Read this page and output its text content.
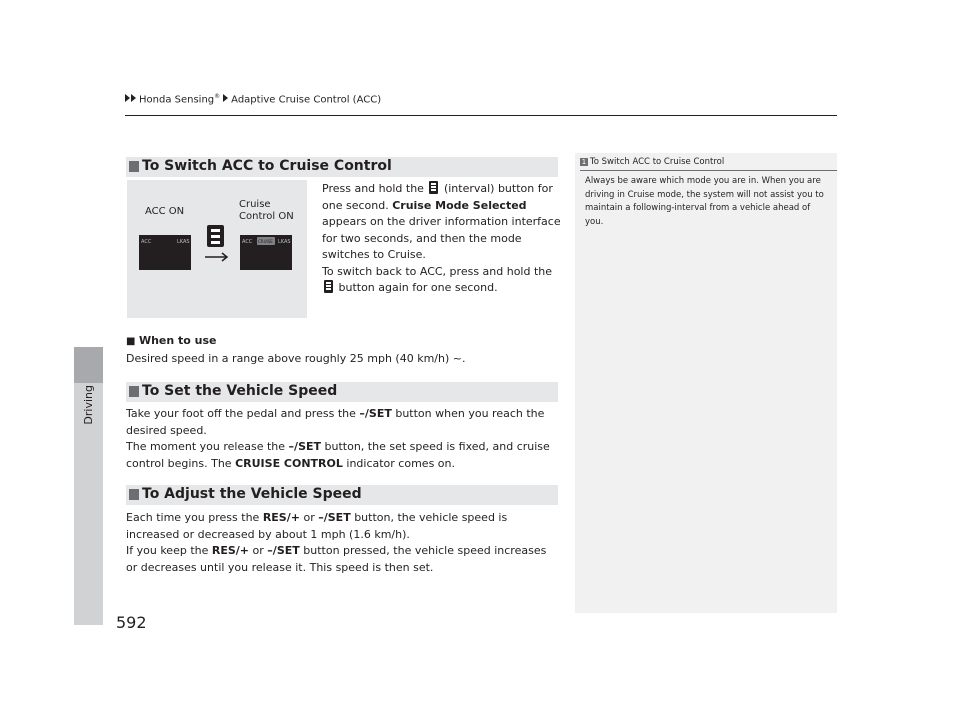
Honda Sensing® Adaptive Cruise Control (ACC)
Driving
To Switch ACC to Cruise Control
ACC ON
Cruise
Control ON
ACC	LKAS	ACC CRUISE LKAS
Press and hold the (interval) button for one second. Cruise Mode Selected appears on the driver information interface for two seconds, and then the mode switches to Cruise.
To switch back to ACC, press and hold the  button again for one second.
■ When to use
Desired speed in a range above roughly 25 mph (40 km/h) ~.
To Set the Vehicle Speed
Take your foot off the pedal and press the –/SET button when you reach the desired speed.
The moment you release the –/SET button, the set speed is fixed, and cruise control begins. The CRUISE CONTROL indicator comes on.
To Adjust the Vehicle Speed
Each time you press the RES/+ or –/SET button, the vehicle speed is increased or decreased by about 1 mph (1.6 km/h).
If you keep the RES/+ or –/SET button pressed, the vehicle speed increases or decreases until you release it. This speed is then set.
1 To Switch ACC to Cruise Control
Always be aware which mode you are in. When you are driving in Cruise mode, the system will not assist you to maintain a following-interval from a vehicle ahead of you.
592
